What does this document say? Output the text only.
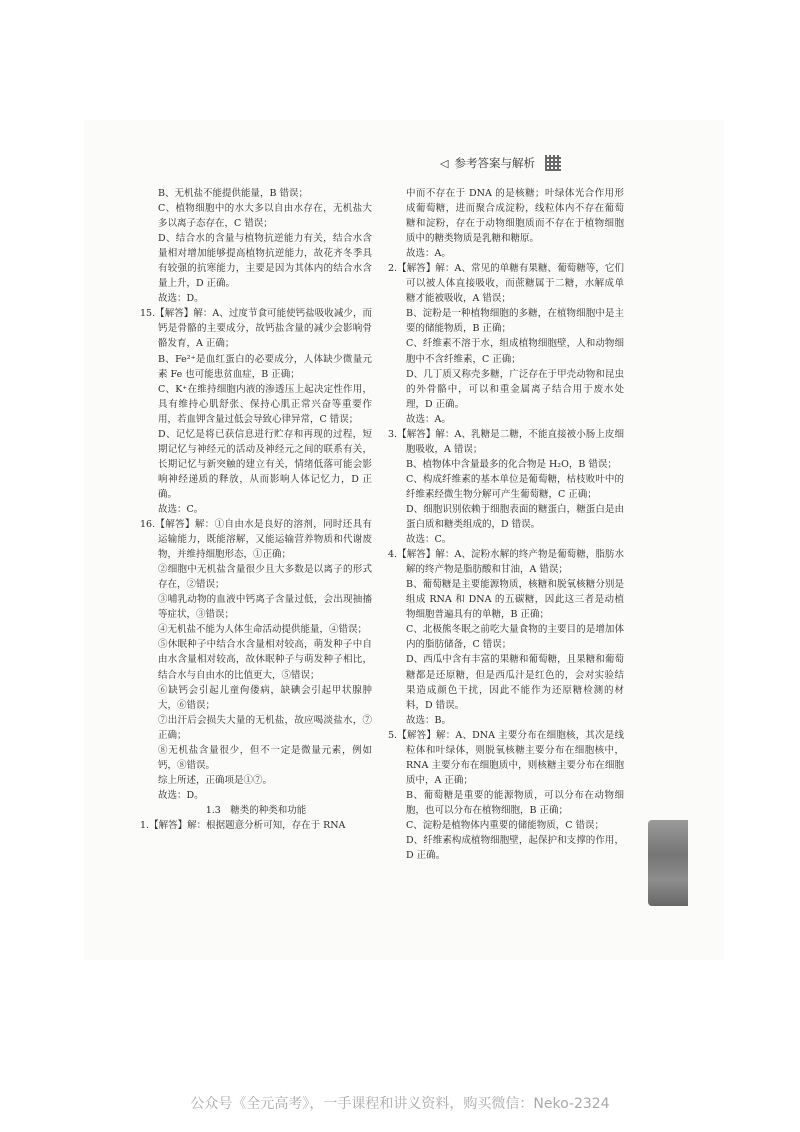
◁ 参考答案与解析

B、无机盐不能提供能量，B 错误；

C、植物细胞中的水大多以自由水存在，无机盐大多以离子态存在，C 错误；

D、结合水的含量与植物抗逆能力有关，结合水含量相对增加能够提高植物抗逆能力，故花齐冬季具有较强的抗寒能力，主要是因为其体内的结合水含量上升，D 正确。

故选：D。

15.【解答】解：A、过度节食可能使钙盐吸收减少，而钙是骨骼的主要成分，故钙盐含量的减少会影响骨骼发育，A 正确；

B、Fe²⁺是血红蛋白的必要成分，人体缺少微量元素 Fe 也可能患贫血症，B 正确；

C、K⁺在维持细胞内液的渗透压上起决定性作用，具有维持心肌舒张、保持心肌正常兴奋等重要作用，若血钾含量过低会导致心律异常，C 错误；

D、记忆是将已获信息进行贮存和再现的过程，短期记忆与神经元的活动及神经元之间的联系有关，长期记忆与新突触的建立有关，情绪低落可能会影响神经递质的释放，从而影响人体记忆力，D 正确。

故选：C。

16.【解答】解：①自由水是良好的溶剂，同时还具有运输能力，既能溶解，又能运输营养物质和代谢废物，并维持细胞形态，①正确；

②细胞中无机盐含量很少且大多数是以离子的形式存在，②错误；

③哺乳动物的血液中钙离子含量过低，会出现抽搐等症状，③错误；

④无机盐不能为人体生命活动提供能量，④错误；

⑤休眠种子中结合水含量相对较高，萌发种子中自由水含量相对较高，故休眠种子与萌发种子相比，结合水与自由水的比值更大，⑤错误；

⑥缺钙会引起儿童佝偻病，缺碘会引起甲状腺肿大，⑥错误；

⑦出汗后会损失大量的无机盐，故应喝淡盐水，⑦正确；

⑧无机盐含量很少，但不一定是微量元素，例如钙，⑧错误。

综上所述，正确项是①⑦。

故选：D。

1.3　糖类的种类和功能

1.【解答】解：根据题意分析可知，存在于 RNA

中而不存在于 DNA 的是核糖；叶绿体光合作用形成葡萄糖，进而聚合成淀粉，线粒体内不存在葡萄糖和淀粉，存在于动物细胞质而不存在于植物细胞质中的糖类物质是乳糖和糖原。

故选：A。

2.【解答】解：A、常见的单糖有果糖、葡萄糖等，它们可以被人体直接吸收，而蔗糖属于二糖，水解成单糖才能被吸收，A 错误；

B、淀粉是一种植物细胞的多糖，在植物细胞中是主要的储能物质，B 正确；

C、纤维素不溶于水，组成植物细胞壁，人和动物细胞中不含纤维素，C 正确；

D、几丁质又称壳多糖，广泛存在于甲壳动物和昆虫的外骨骼中，可以和重金属离子结合用于废水处理，D 正确。

故选：A。

3.【解答】解：A、乳糖是二糖，不能直接被小肠上皮细胞吸收，A 错误；

B、植物体中含量最多的化合物是 H₂O，B 错误；

C、构成纤维素的基本单位是葡萄糖，枯枝败叶中的纤维素经微生物分解可产生葡萄糖，C 正确；

D、细胞识别依赖于细胞表面的糖蛋白，糖蛋白是由蛋白质和糖类组成的，D 错误。

故选：C。

4.【解答】解：A、淀粉水解的终产物是葡萄糖，脂肪水解的终产物是脂肪酸和甘油，A 错误；

B、葡萄糖是主要能源物质，核糖和脱氧核糖分别是组成 RNA 和 DNA 的五碳糖，因此这三者是动植物细胞普遍具有的单糖，B 正确；

C、北极熊冬眠之前吃大量食物的主要目的是增加体内的脂肪储备，C 错误；

D、西瓜中含有丰富的果糖和葡萄糖，且果糖和葡萄糖都是还原糖，但是西瓜汁是红色的，会对实验结果造成颜色干扰，因此不能作为还原糖检测的材料，D 错误。

故选：B。

5.【解答】解：A、DNA 主要分布在细胞核，其次是线粒体和叶绿体，则脱氧核糖主要分布在细胞核中，RNA 主要分布在细胞质中，则核糖主要分布在细胞质中，A 正确；

B、葡萄糖是重要的能源物质，可以分布在动物细胞，也可以分布在植物细胞，B 正确；

C、淀粉是植物体内重要的储能物质，C 错误；

D、纤维素构成植物细胞壁，起保护和支撑的作用，D 正确。

公众号《全元高考》，一手课程和讲义资料，购买微信：Neko-2324
